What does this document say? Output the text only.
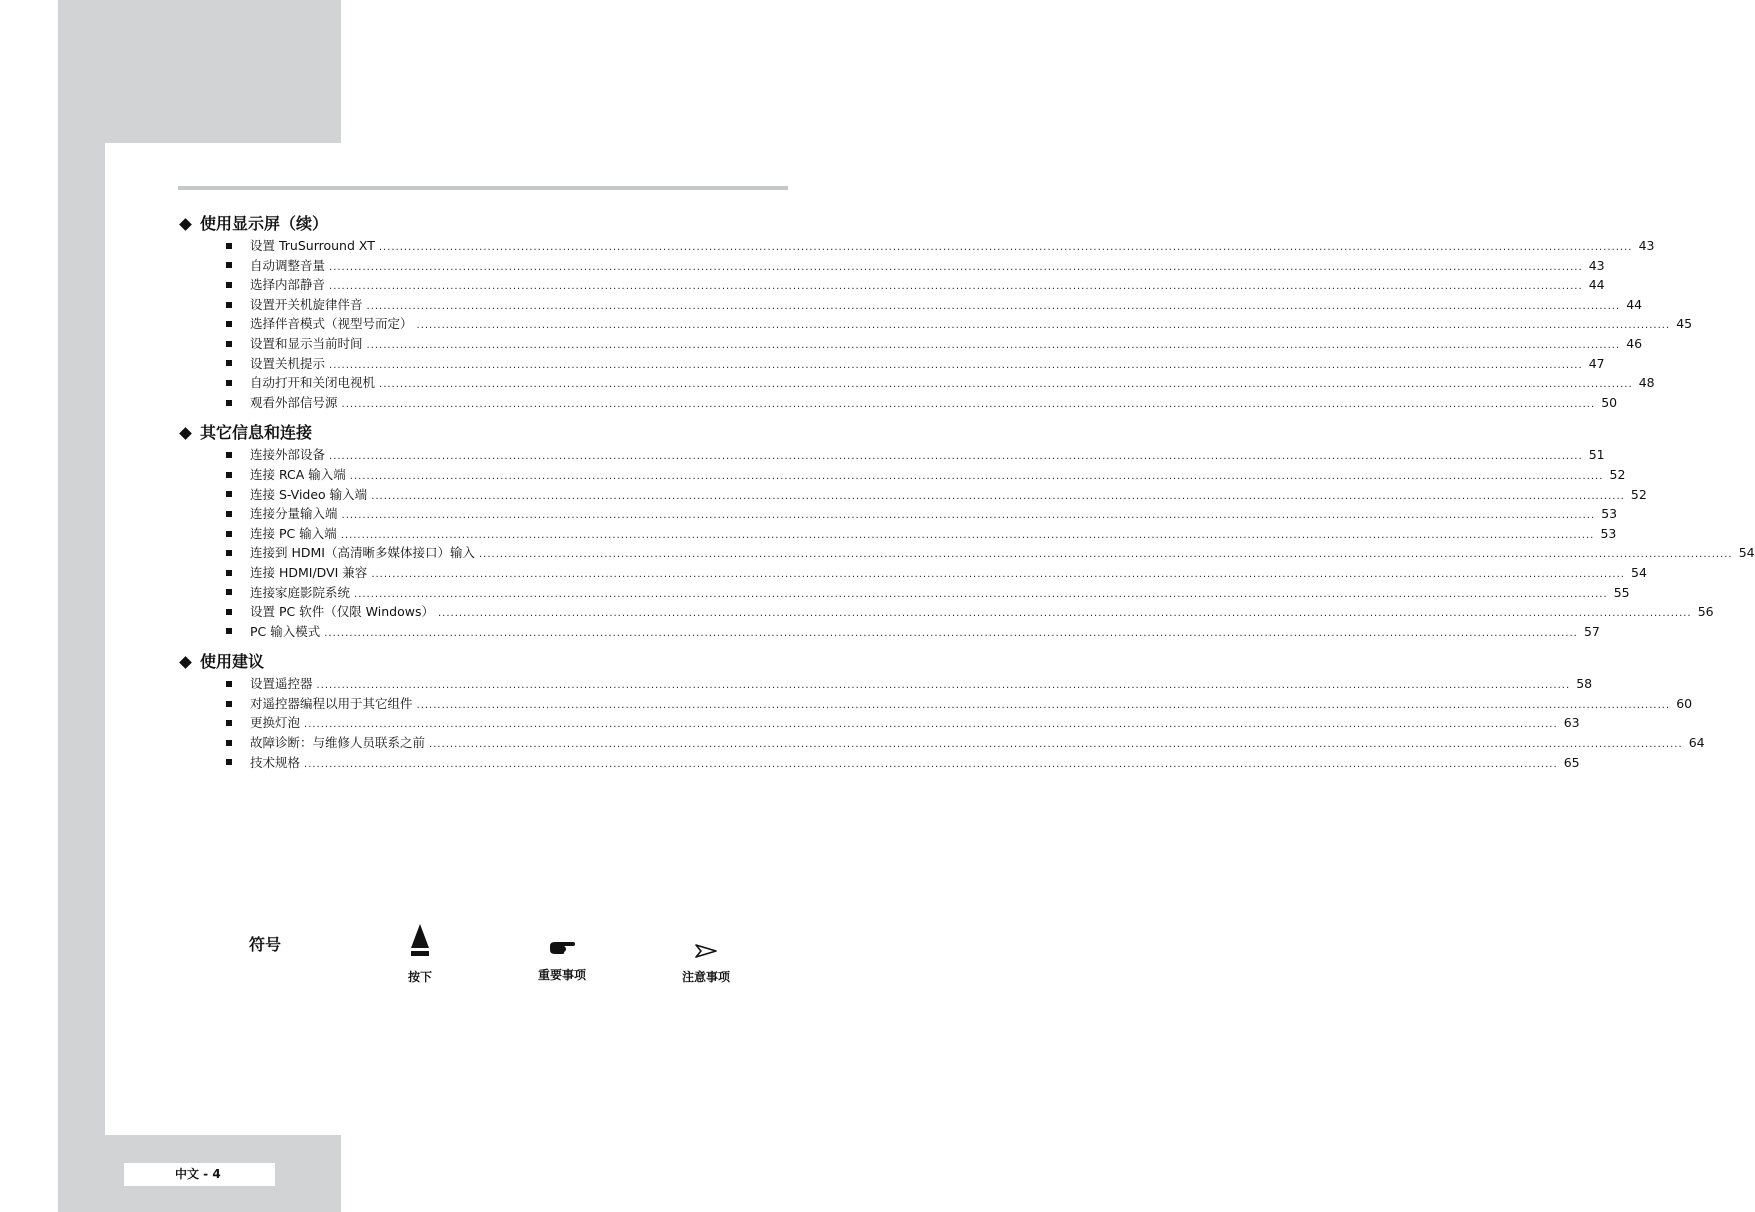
使用显示屏（续）
设置 TruSurround XT ............................................................................................................................................................................................................................................................................................................ 43
自动调整音量 ............................................................................................................................................................................................................................................................................................................ 43
选择内部静音 ............................................................................................................................................................................................................................................................................................................ 44
设置开关机旋律伴音 ............................................................................................................................................................................................................................................................................................................ 44
选择伴音模式（视型号而定） ............................................................................................................................................................................................................................................................................................................ 45
设置和显示当前时间 ............................................................................................................................................................................................................................................................................................................ 46
设置关机提示 ............................................................................................................................................................................................................................................................................................................ 47
自动打开和关闭电视机 ............................................................................................................................................................................................................................................................................................................ 48
观看外部信号源 ............................................................................................................................................................................................................................................................................................................ 50
其它信息和连接
连接外部设备 ............................................................................................................................................................................................................................................................................................................ 51
连接 RCA 输入端 ............................................................................................................................................................................................................................................................................................................ 52
连接 S-Video 输入端 ............................................................................................................................................................................................................................................................................................................ 52
连接分量输入端 ............................................................................................................................................................................................................................................................................................................ 53
连接 PC 输入端 ............................................................................................................................................................................................................................................................................................................ 53
连接到 HDMI（高清晰多媒体接口）输入 ............................................................................................................................................................................................................................................................................................................ 54
连接 HDMI/DVI 兼容 ............................................................................................................................................................................................................................................................................................................ 54
连接家庭影院系统 ............................................................................................................................................................................................................................................................................................................ 55
设置 PC 软件（仅限 Windows） ............................................................................................................................................................................................................................................................................................................ 56
PC 输入模式 ............................................................................................................................................................................................................................................................................................................ 57
使用建议
设置遥控器 ............................................................................................................................................................................................................................................................................................................ 58
对遥控器编程以用于其它组件 ............................................................................................................................................................................................................................................................................................................ 60
更换灯泡 ............................................................................................................................................................................................................................................................................................................ 63
故障诊断：与维修人员联系之前 ............................................................................................................................................................................................................................................................................................................ 64
技术规格 ............................................................................................................................................................................................................................................................................................................ 65
符号
按下	重要事项	注意事项
中文 - 4
